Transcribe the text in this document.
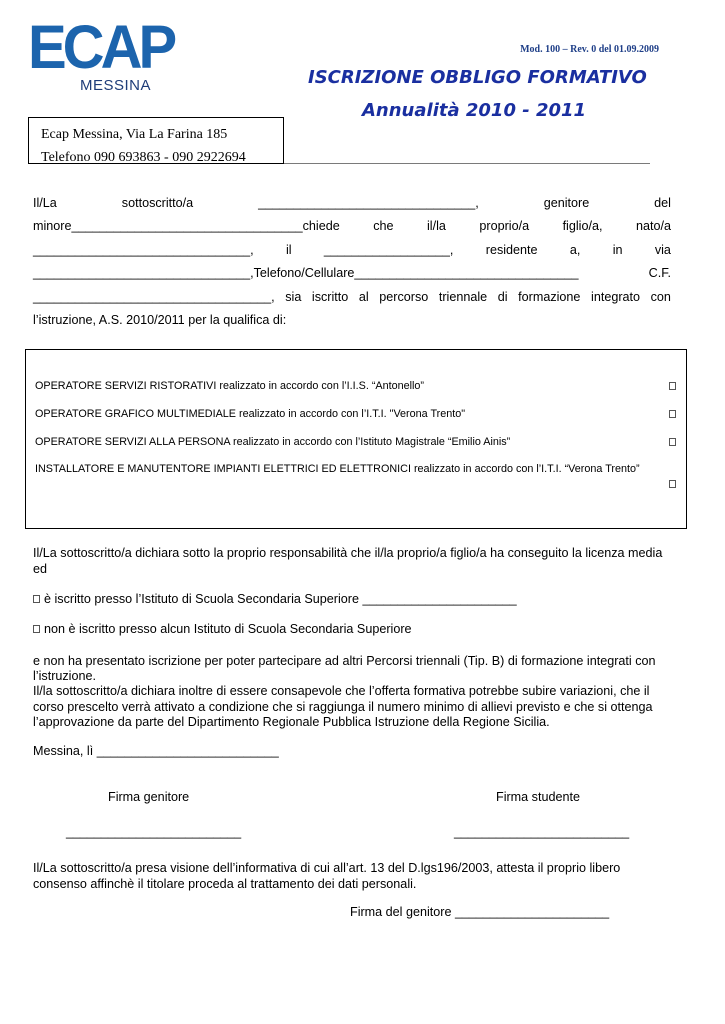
ECAP
MESSINA
Mod. 100 – Rev. 0 del 01.09.2009
ISCRIZIONE OBBLIGO FORMATIVO
Annualità 2010 - 2011
Ecap Messina, Via La Farina 185
Telefono 090 693863 - 090 2922694
Il/La	sottoscritto/a	_______________________________,	genitore	del
minore_________________________________chiede	che	il/la	proprio/a	figlio/a,	nato/a
_______________________________,	il	__________________,	residente	a,	in	via
_______________________________,Telefono/Cellulare________________________________	C.F.
__________________________________, sia iscritto al percorso triennale di formazione integrato con
l’istruzione, A.S. 2010/2011 per la qualifica di:
OPERATORE SERVIZI RISTORATIVI realizzato in accordo con l’I.I.S. “Antonello”
OPERATORE GRAFICO MULTIMEDIALE realizzato in accordo con l’I.T.I. "Verona Trento"
OPERATORE SERVIZI ALLA PERSONA realizzato in accordo con l’Istituto Magistrale “Emilio Ainis”
INSTALLATORE E MANUTENTORE IMPIANTI ELETTRICI ED ELETTRONICI realizzato in accordo con l’I.T.I. “Verona Trento”
Il/La sottoscritto/a dichiara sotto la proprio responsabilità che il/la proprio/a figlio/a ha conseguito la licenza media ed
è iscritto presso l’Istituto di Scuola Secondaria Superiore ______________________
non è iscritto presso alcun Istituto di Scuola Secondaria Superiore
e non ha presentato iscrizione per poter partecipare ad altri Percorsi triennali (Tip. B) di formazione integrati con l’istruzione.
Il/la sottoscritto/a dichiara inoltre di essere consapevole che l’offerta formativa potrebbe subire variazioni, che il corso prescelto verrà attivato a condizione che si raggiunga il numero minimo di allievi previsto e che si ottenga l’approvazione da parte del Dipartimento Regionale Pubblica Istruzione della Regione Sicilia.
Messina, lì __________________________
Firma genitore	Firma studente
_________________________	_________________________
Il/La sottoscritto/a presa visione dell’informativa di cui all’art. 13 del D.lgs196/2003, attesta il proprio libero consenso affinchè il titolare proceda al trattamento dei dati personali.
Firma del genitore ______________________
